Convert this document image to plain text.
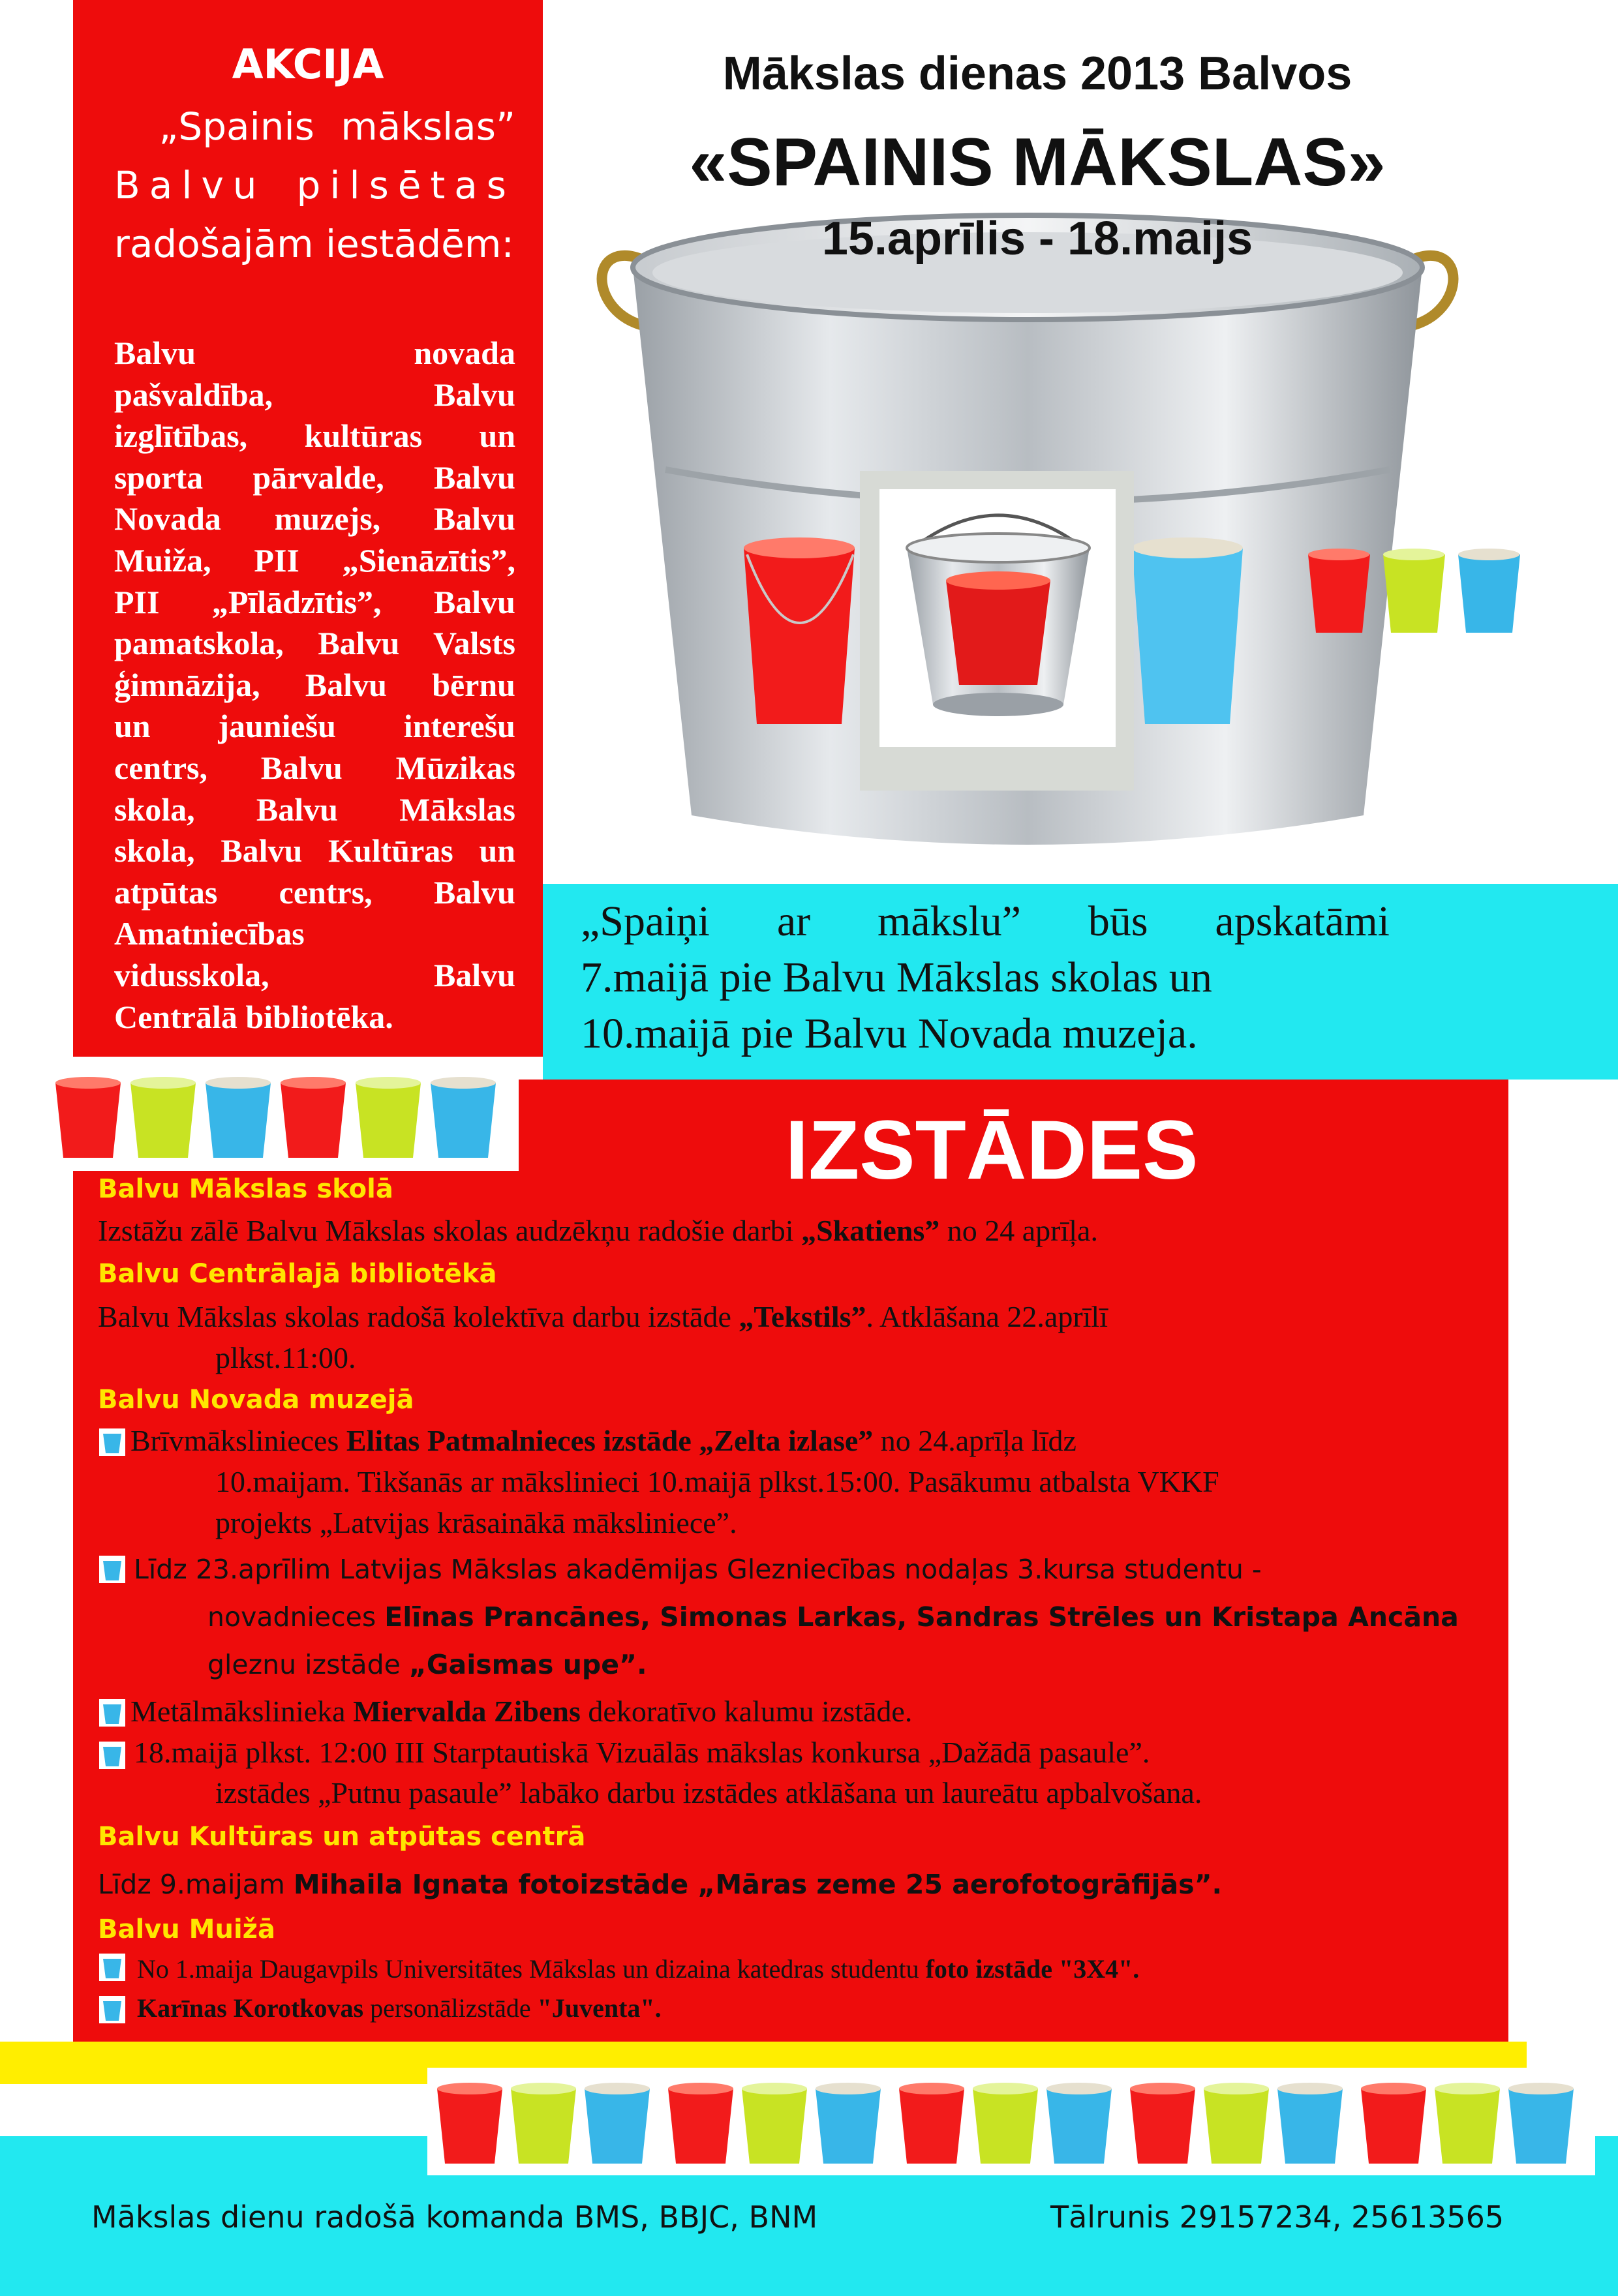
AKCIJA
„Spainis mākslas”
Balvu pilsētas
radošajām iestādēm:
Balvu novada
pašvaldība, Balvu
izglītības, kultūras un
sporta pārvalde, Balvu
Novada muzejs, Balvu
Muiža, PII „Sienāzītis”,
PII „Pīlādzītis”, Balvu
pamatskola, Balvu Valsts
ģimnāzija, Balvu bērnu
un jauniešu interešu
centrs, Balvu Mūzikas
skola, Balvu Mākslas
skola, Balvu Kultūras un
atpūtas centrs, Balvu
Amatniecības
vidusskola, Balvu
Centrālā bibliotēka.
Mākslas dienas 2013 Balvos
«SPAINIS MĀKSLAS»
15.aprīlis - 18.maijs
„Spaiņi ar mākslu” būs apskatāmi
7.maijā pie Balvu Mākslas skolas un
10.maijā pie Balvu Novada muzeja.
IZSTĀDES
Balvu Mākslas skolā
Izstāžu zālē Balvu Mākslas skolas audzēkņu radošie darbi „Skatiens” no 24 aprīļa.
Balvu Centrālajā bibliotēkā
Balvu Mākslas skolas radošā kolektīva darbu izstāde „Tekstils”. Atklāšana 22.aprīlī
plkst.11:00.
Balvu Novada muzejā
Brīvmākslinieces Elitas Patmalnieces izstāde „Zelta izlase” no 24.aprīļa līdz
10.maijam. Tikšanās ar mākslinieci 10.maijā plkst.15:00. Pasākumu atbalsta VKKF
projekts „Latvijas krāsainākā māksliniece”.
Līdz 23.aprīlim Latvijas Mākslas akadēmijas Glezniecības nodaļas 3.kursa studentu -
novadnieces Elīnas Prancānes, Simonas Larkas, Sandras Strēles un Kristapa Ancāna
gleznu izstāde „Gaismas upe”.
Metālmākslinieka Miervalda Zibens dekoratīvo kalumu izstāde.
18.maijā plkst. 12:00 III Starptautiskā Vizuālās mākslas konkursa „Dažādā pasaule”.
izstādes „Putnu pasaule” labāko darbu izstādes atklāšana un laureātu apbalvošana.
Balvu Kultūras un atpūtas centrā
Līdz 9.maijam Mihaila Ignata fotoizstāde „Māras zeme 25 aerofotogrāfijās”.
Balvu Muižā
No 1.maija Daugavpils Universitātes Mākslas un dizaina katedras studentu foto izstāde "3X4".
Karīnas Korotkovas personālizstāde "Juventa".
Mākslas dienu radošā komanda BMS, BBJC, BNM	Tālrunis 29157234, 25613565
